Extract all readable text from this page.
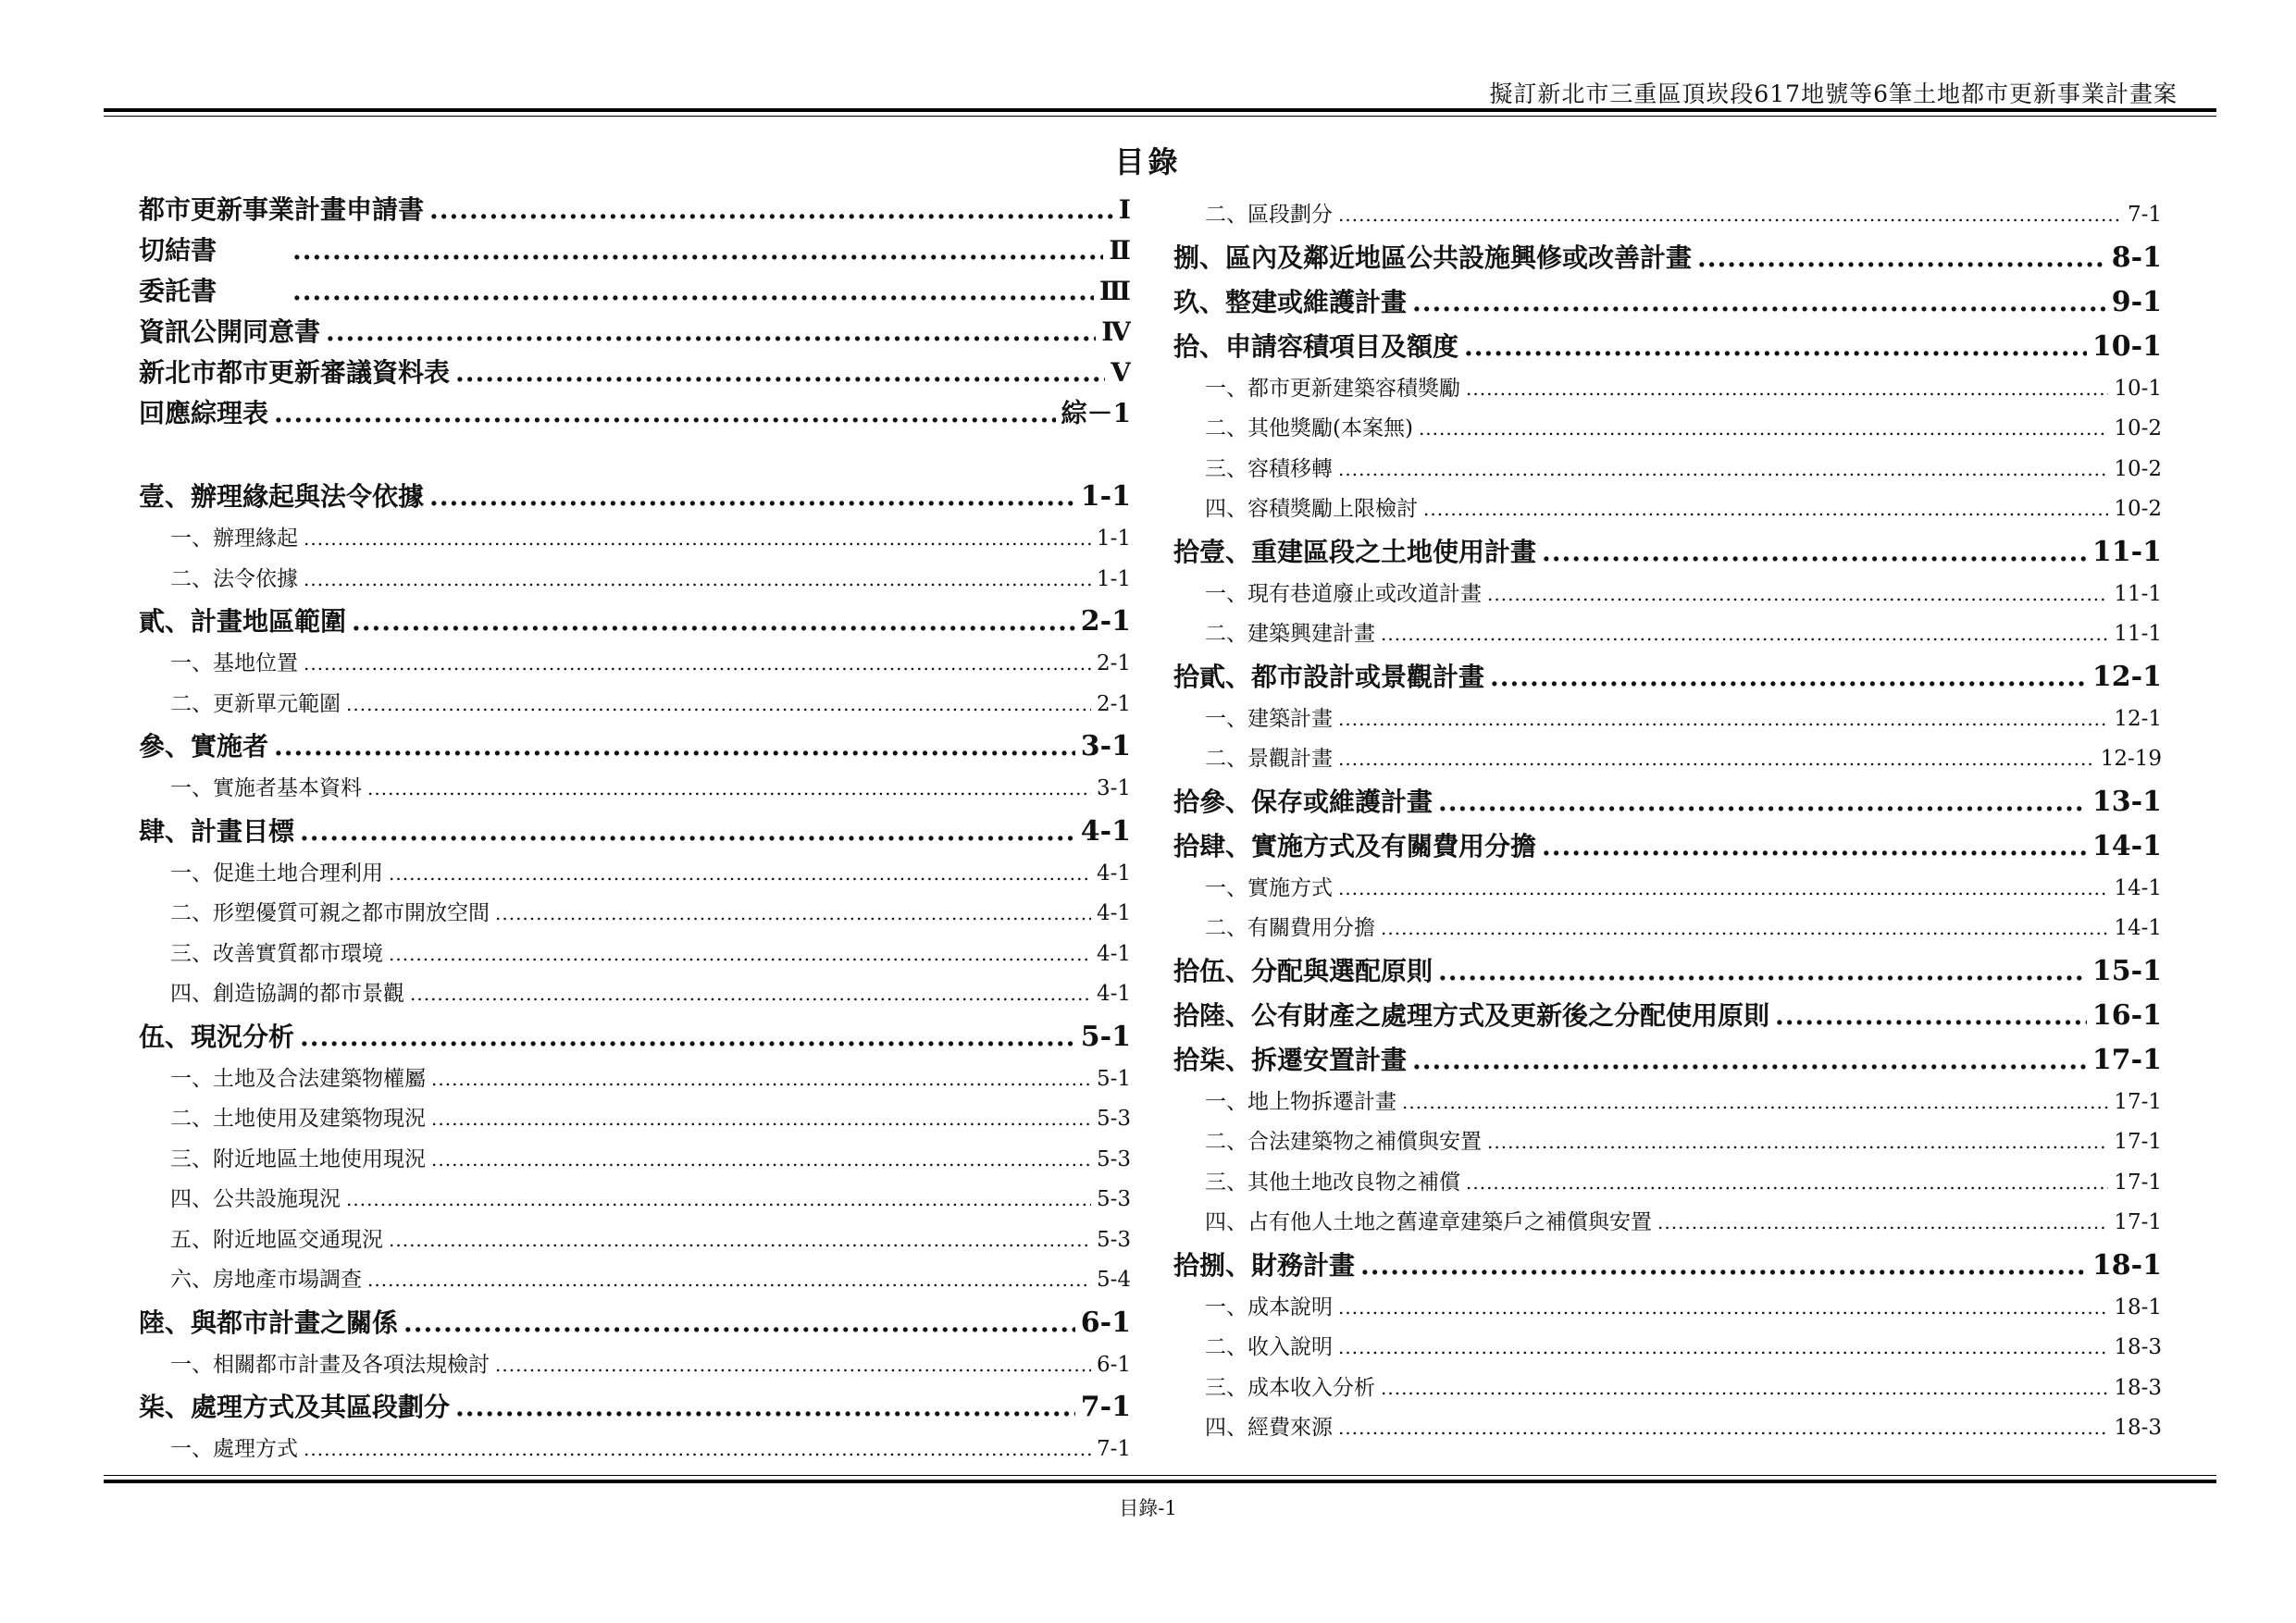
擬訂新北市三重區頂崁段617地號等6筆土地都市更新事業計畫案
目錄
都市更新事業計畫申請書 .....	Ⅰ
切結書 .....	Ⅱ
委託書 .....	Ⅲ
資訊公開同意書 .....	Ⅳ
新北市都市更新審議資料表 .....	Ⅴ
回應綜理表 .....	綜－1
壹、辦理緣起與法令依據 .....	1-1
一、辦理緣起 .....	1-1
二、法令依據 .....	1-1
貳、計畫地區範圍 .....	2-1
一、基地位置 .....	2-1
二、更新單元範圍 .....	2-1
參、實施者 .....	3-1
一、實施者基本資料 .....	3-1
肆、計畫目標 .....	4-1
一、促進土地合理利用 .....	4-1
二、形塑優質可親之都市開放空間 .....	4-1
三、改善實質都市環境 .....	4-1
四、創造協調的都市景觀 .....	4-1
伍、現況分析 .....	5-1
一、土地及合法建築物權屬 .....	5-1
二、土地使用及建築物現況 .....	5-3
三、附近地區土地使用現況 .....	5-3
四、公共設施現況 .....	5-3
五、附近地區交通現況 .....	5-3
六、房地產市場調查 .....	5-4
陸、與都市計畫之關係 .....	6-1
一、相關都市計畫及各項法規檢討 .....	6-1
柒、處理方式及其區段劃分 .....	7-1
一、處理方式 .....	7-1
二、區段劃分 .....	7-1
捌、區內及鄰近地區公共設施興修或改善計畫 .....	8-1
玖、整建或維護計畫 .....	9-1
拾、申請容積項目及額度 .....	10-1
一、都市更新建築容積獎勵 .....	10-1
二、其他獎勵(本案無) .....	10-2
三、容積移轉 .....	10-2
四、容積獎勵上限檢討 .....	10-2
拾壹、重建區段之土地使用計畫 .....	11-1
一、現有巷道廢止或改道計畫 .....	11-1
二、建築興建計畫 .....	11-1
拾貳、都市設計或景觀計畫 .....	12-1
一、建築計畫 .....	12-1
二、景觀計畫 .....	12-19
拾參、保存或維護計畫 .....	13-1
拾肆、實施方式及有關費用分擔 .....	14-1
一、實施方式 .....	14-1
二、有關費用分擔 .....	14-1
拾伍、分配與選配原則 .....	15-1
拾陸、公有財產之處理方式及更新後之分配使用原則 .....	16-1
拾柒、拆遷安置計畫 .....	17-1
一、地上物拆遷計畫 .....	17-1
二、合法建築物之補償與安置 .....	17-1
三、其他土地改良物之補償 .....	17-1
四、占有他人土地之舊違章建築戶之補償與安置 .....	17-1
拾捌、財務計畫 .....	18-1
一、成本說明 .....	18-1
二、收入說明 .....	18-3
三、成本收入分析 .....	18-3
四、經費來源 .....	18-3
目錄-1
